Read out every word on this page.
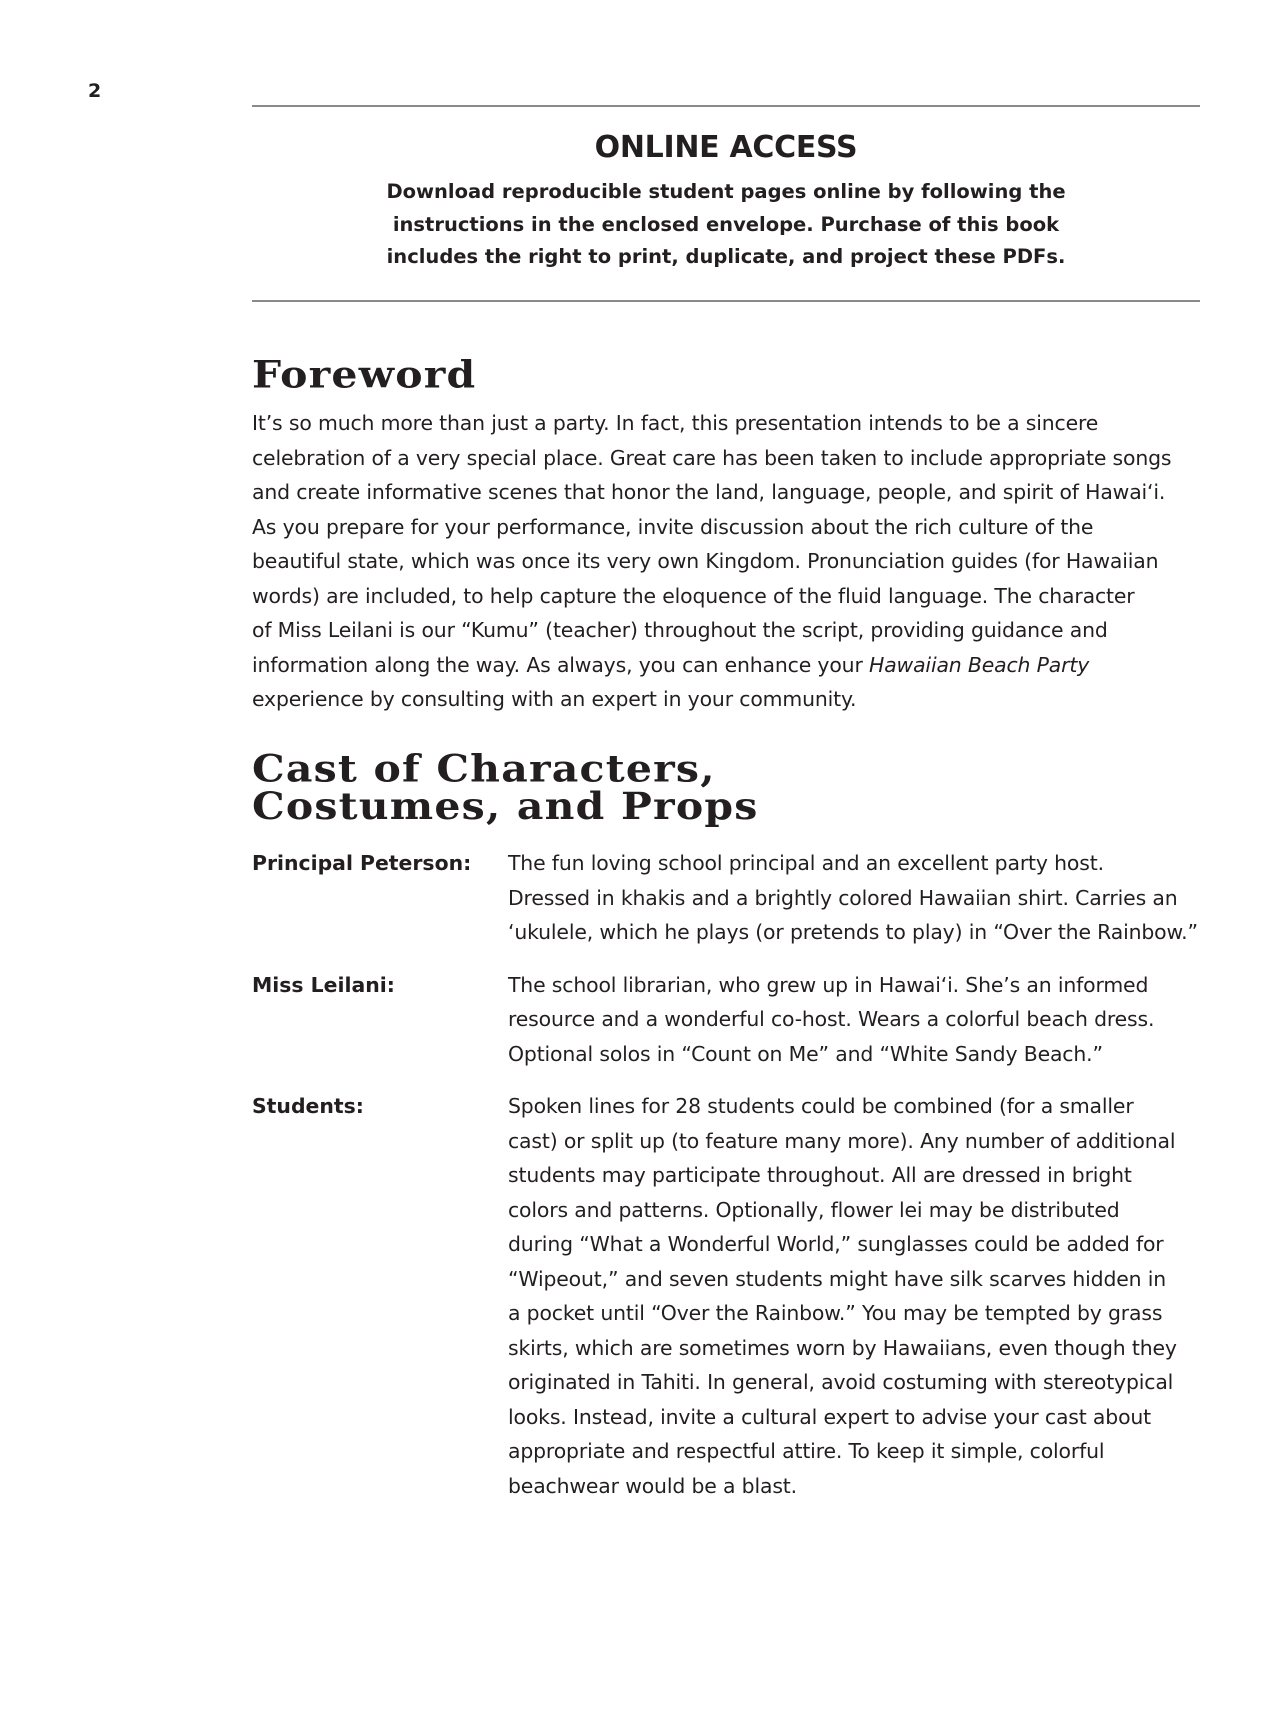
2
ONLINE ACCESS

Download reproducible student pages online by following the
instructions in the enclosed envelope. Purchase of this book
includes the right to print, duplicate, and project these PDFs.

Foreword
It’s so much more than just a party. In fact, this presentation intends to be a sincere
celebration of a very special place. Great care has been taken to include appropriate songs
and create informative scenes that honor the land, language, people, and spirit of Hawai‘i.
As you prepare for your performance, invite discussion about the rich culture of the
beautiful state, which was once its very own Kingdom. Pronunciation guides (for Hawaiian
words) are included, to help capture the eloquence of the fluid language. The character
of Miss Leilani is our “Kumu” (teacher) throughout the script, providing guidance and
information along the way. As always, you can enhance your Hawaiian Beach Party
experience by consulting with an expert in your community.
Cast of Characters,
Costumes, and Props
Principal Peterson: The fun loving school principal and an excellent party host.
Dressed in khakis and a brightly colored Hawaiian shirt. Carries an
‘ukulele, which he plays (or pretends to play) in “Over the Rainbow.”
Miss Leilani:	The school librarian, who grew up in Hawai‘i. She’s an informed
resource and a wonderful co-host. Wears a colorful beach dress.
Optional solos in “Count on Me” and “White Sandy Beach.”
Students:	Spoken lines for 28 students could be combined (for a smaller
cast) or split up (to feature many more). Any number of additional
students may participate throughout. All are dressed in bright
colors and patterns. Optionally, flower lei may be distributed
during “What a Wonderful World,” sunglasses could be added for
“Wipeout,” and seven students might have silk scarves hidden in
a pocket until “Over the Rainbow.” You may be tempted by grass
skirts, which are sometimes worn by Hawaiians, even though they
originated in Tahiti. In general, avoid costuming with stereotypical
looks. Instead, invite a cultural expert to advise your cast about
appropriate and respectful attire. To keep it simple, colorful
beachwear would be a blast.
